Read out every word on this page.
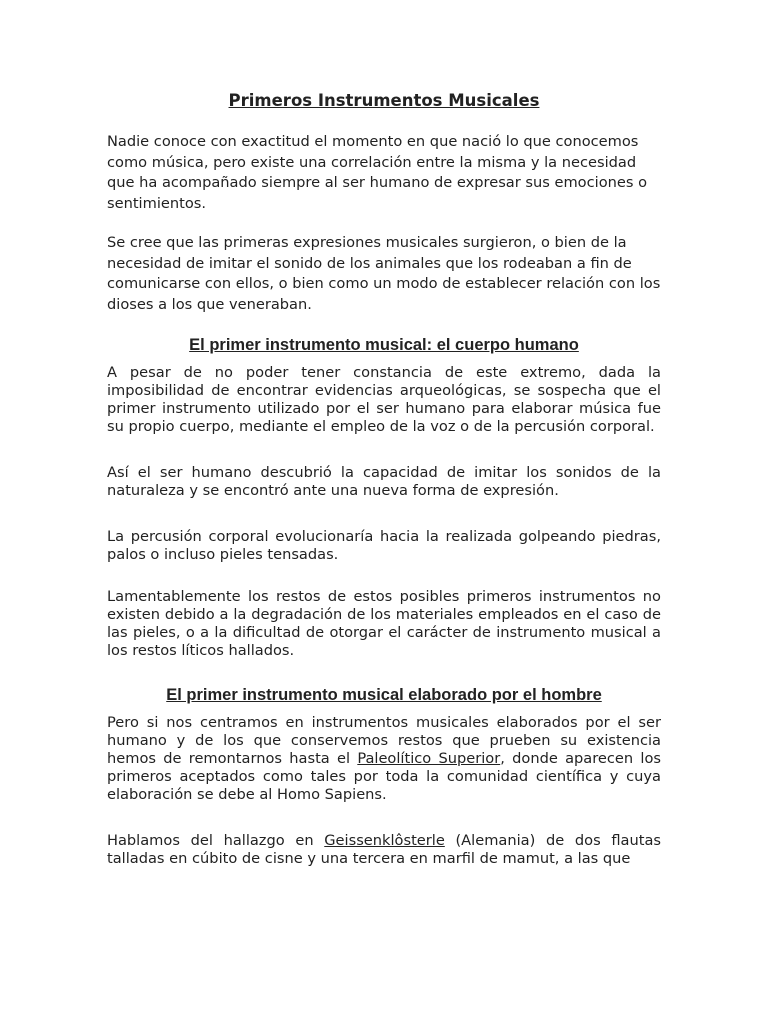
Primeros Instrumentos Musicales

Nadie conoce con exactitud el momento en que nació lo que conocemos como música, pero existe una correlación entre la misma y la necesidad que ha acompañado siempre al ser humano de expresar sus emociones o sentimientos.

Se cree que las primeras expresiones musicales surgieron, o bien de la necesidad de imitar el sonido de los animales que los rodeaban a fin de comunicarse con ellos, o bien como un modo de establecer relación con los dioses a los que veneraban.

El primer instrumento musical: el cuerpo humano

A pesar de no poder tener constancia de este extremo, dada la imposibilidad de encontrar evidencias arqueológicas, se sospecha que el primer instrumento utilizado por el ser humano para elaborar música fue su propio cuerpo, mediante el empleo de la voz o de la percusión corporal.

Así el ser humano descubrió la capacidad de imitar los sonidos de la naturaleza y se encontró ante una nueva forma de expresión.

La percusión corporal evolucionaría hacia la realizada golpeando piedras, palos o incluso pieles tensadas.

Lamentablemente los restos de estos posibles primeros instrumentos no existen debido a la degradación de los materiales empleados en el caso de las pieles, o a la dificultad de otorgar el carácter de instrumento musical a los restos líticos hallados.

El primer instrumento musical elaborado por el hombre

Pero si nos centramos en instrumentos musicales elaborados por el ser humano y de los que conservemos restos que prueben su existencia hemos de remontarnos hasta el Paleolítico Superior, donde aparecen los primeros aceptados como tales por toda la comunidad científica y cuya elaboración se debe al Homo Sapiens.

Hablamos del hallazgo en Geissenklôsterle (Alemania) de dos flautas talladas en cúbito de cisne y una tercera en marfil de mamut, a las que
